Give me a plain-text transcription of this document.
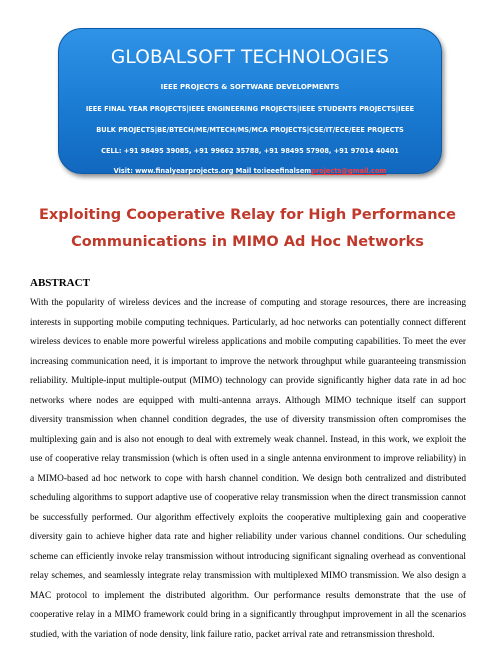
GLOBALSOFT TECHNOLOGIES
IEEE PROJECTS & SOFTWARE DEVELOPMENTS
IEEE FINAL YEAR PROJECTS|IEEE ENGINEERING PROJECTS|IEEE STUDENTS PROJECTS|IEEE
BULK PROJECTS|BE/BTECH/ME/MTECH/MS/MCA PROJECTS|CSE/IT/ECE/EEE PROJECTS
CELL: +91 98495 39085, +91 99662 35788, +91 98495 57908, +91 97014 40401
Visit: www.finalyearprojects.org Mail to:ieeefinalsemprojects@gmail.com
Exploiting Cooperative Relay for High Performance
Communications in MIMO Ad Hoc Networks
ABSTRACT
With the popularity of wireless devices and the increase of computing and storage resources, there are increasing interests in supporting mobile computing techniques. Particularly, ad hoc networks can potentially connect different wireless devices to enable more powerful wireless applications and mobile computing capabilities. To meet the ever increasing communication need, it is important to improve the network throughput while guaranteeing transmission reliability. Multiple-input multiple-output (MIMO) technology can provide significantly higher data rate in ad hoc networks where nodes are equipped with multi-antenna arrays. Although MIMO technique itself can support diversity transmission when channel condition degrades, the use of diversity transmission often compromises the multiplexing gain and is also not enough to deal with extremely weak channel. Instead, in this work, we exploit the use of cooperative relay transmission (which is often used in a single antenna environment to improve reliability) in a MIMO-based ad hoc network to cope with harsh channel condition. We design both centralized and distributed scheduling algorithms to support adaptive use of cooperative relay transmission when the direct transmission cannot be successfully performed. Our algorithm effectively exploits the cooperative multiplexing gain and cooperative diversity gain to achieve higher data rate and higher reliability under various channel conditions. Our scheduling scheme can efficiently invoke relay transmission without introducing significant signaling overhead as conventional relay schemes, and seamlessly integrate relay transmission with multiplexed MIMO transmission. We also design a MAC protocol to implement the distributed algorithm. Our performance results demonstrate that the use of cooperative relay in a MIMO framework could bring in a significantly throughput improvement in all the scenarios studied, with the variation of node density, link failure ratio, packet arrival rate and retransmission threshold.
